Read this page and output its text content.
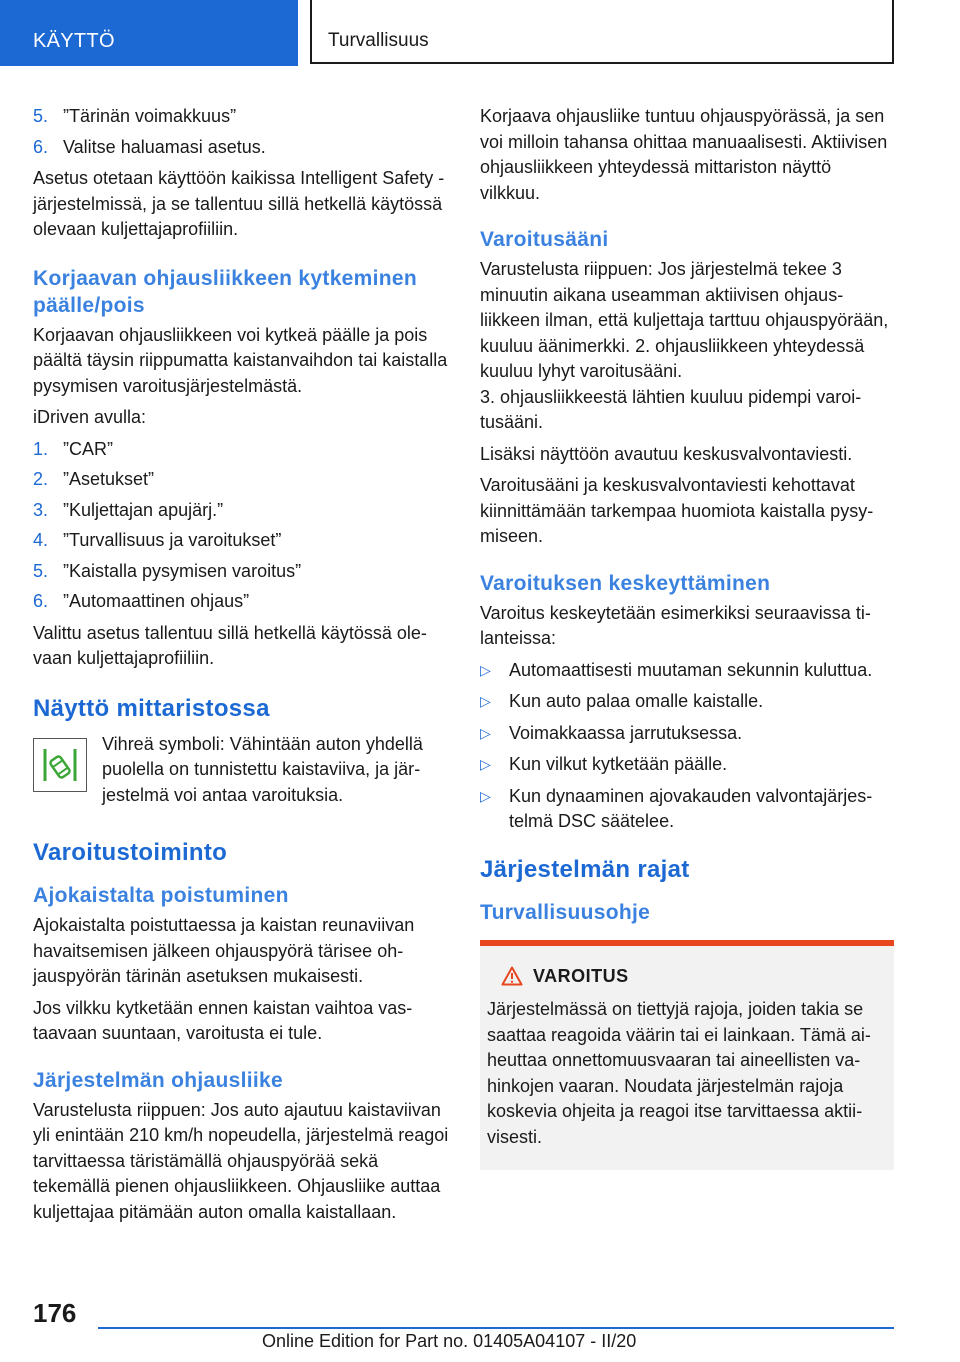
KÄYTTÖ	Turvallisuus
5. ”Tärinän voimakkuus”
6. Valitse haluamasi asetus.

Asetus otetaan käyttöön kaikissa Intelligent Safety -järjestelmissä, ja se tallentuu sillä hetkellä käytössä olevaan kuljettajaprofiiliin.

Korjaavan ohjausliikkeen kytkeminen päälle/pois

Korjaavan ohjausliikkeen voi kytkeä päälle ja pois päältä täysin riippumatta kaistanvaihdon tai kaistalla pysymisen varoitusjärjestelmästä.

iDriven avulla:

1. ”CAR”
2. ”Asetukset”
3. ”Kuljettajan apujärj.”
4. ”Turvallisuus ja varoitukset”
5. ”Kaistalla pysymisen varoitus”
6. ”Automaattinen ohjaus”

Valittu asetus tallentuu sillä hetkellä käytössä olevaan kuljettajaprofiiliin.

Näyttö mittaristossa

Vihreä symboli: Vähintään auton yhdellä puolella on tunnistettu kaistaviiva, ja järjestelmä voi antaa varoituksia.

Varoitustoiminto
Ajokaistalta poistuminen

Ajokaistalta poistuttaessa ja kaistan reunaviivan havaitsemisen jälkeen ohjauspyörä tärisee ohjauspyörän tärinän asetuksen mukaisesti.

Jos vilkku kytketään ennen kaistan vaihtoa vastaavaan suuntaan, varoitusta ei tule.

Järjestelmän ohjausliike

Varustelusta riippuen: Jos auto ajautuu kaistaviivan yli enintään 210 km/h nopeudella, järjestelmä reagoi tarvittaessa täristämällä ohjauspyörää sekä tekemällä pienen ohjausliikkeen. Ohjausliike auttaa kuljettajaa pitämään auton omalla kaistallaan.

Korjaava ohjausliike tuntuu ohjauspyörässä, ja sen voi milloin tahansa ohittaa manuaalisesti. Aktiivisen ohjausliikkeen yhteydessä mittariston näyttö vilkkuu.

Varoitusääni

Varustelusta riippuen: Jos järjestelmä tekee 3 minuutin aikana useamman aktiivisen ohjausliikkeen ilman, että kuljettaja tarttuu ohjauspyörään, kuuluu äänimerkki. 2. ohjausliikkeen yhteydessä kuuluu lyhyt varoitusääni.

3. ohjausliikkeestä lähtien kuuluu pidempi varoitusääni.

Lisäksi näyttöön avautuu keskusvalvontaviesti.

Varoitusääni ja keskusvalvontaviesti kehottavat kiinnittämään tarkempaa huomiota kaistalla pysymiseen.

Varoituksen keskeyttäminen

Varoitus keskeytetään esimerkiksi seuraavissa tilanteissa:

▷ Automaattisesti muutaman sekunnin kuluttua.
▷ Kun auto palaa omalle kaistalle.
▷ Voimakkaassa jarrutuksessa.
▷ Kun vilkut kytketään päälle.
▷ Kun dynaaminen ajovakauden valvontajärjestelmä DSC säätelee.
Järjestelmän rajat
Turvallisuusohje
VAROITUS

Järjestelmässä on tiettyjä rajoja, joiden takia se saattaa reagoida väärin tai ei lainkaan. Tämä aiheuttaa onnettomuusvaaran tai aineellisten vahinkojen vaaran. Noudata järjestelmän rajoja koskevia ohjeita ja reagoi itse tarvittaessa aktiivisesti.

176
Online Edition for Part no. 01405A04107 - II/20
